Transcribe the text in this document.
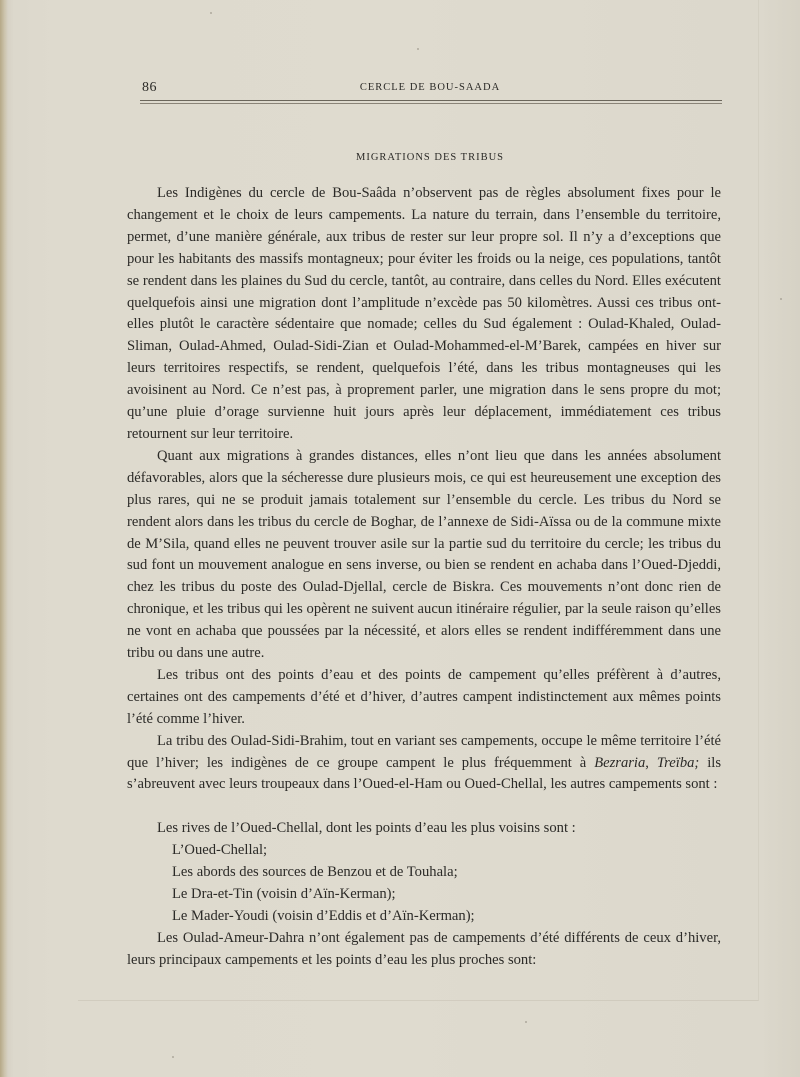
86	CERCLE DE BOU-SAADA
MIGRATIONS DES TRIBUS

Les Indigènes du cercle de Bou-Saâda n’observent pas de règles absolument fixes pour le changement et le choix de leurs campements. La nature du terrain, dans l’ensemble du territoire, permet, d’une manière générale, aux tribus de rester sur leur propre sol. Il n’y a d’exceptions que pour les habitants des massifs montagneux; pour éviter les froids ou la neige, ces populations, tantôt se rendent dans les plaines du Sud du cercle, tantôt, au contraire, dans celles du Nord. Elles exécutent quelquefois ainsi une migration dont l’amplitude n’excède pas 50 kilomètres. Aussi ces tribus ont-elles plutôt le caractère sédentaire que nomade; celles du Sud également : Oulad-Khaled, Oulad-Sliman, Oulad-Ahmed, Oulad-Sidi-Zian et Oulad-Mohammed-el-M’Barek, campées en hiver sur leurs territoires respectifs, se rendent, quelquefois l’été, dans les tribus montagneuses qui les avoisinent au Nord. Ce n’est pas, à proprement parler, une migration dans le sens propre du mot; qu’une pluie d’orage survienne huit jours après leur déplacement, immédiatement ces tribus retournent sur leur territoire.

Quant aux migrations à grandes distances, elles n’ont lieu que dans les années absolument défavorables, alors que la sécheresse dure plusieurs mois, ce qui est heureusement une exception des plus rares, qui ne se produit jamais totalement sur l’ensemble du cercle. Les tribus du Nord se rendent alors dans les tribus du cercle de Boghar, de l’annexe de Sidi-Aïssa ou de la commune mixte de M’Sila, quand elles ne peuvent trouver asile sur la partie sud du territoire du cercle; les tribus du sud font un mouvement analogue en sens inverse, ou bien se rendent en achaba dans l’Oued-Djeddi, chez les tribus du poste des Oulad-Djellal, cercle de Biskra. Ces mouvements n’ont donc rien de chronique, et les tribus qui les opèrent ne suivent aucun itinéraire régulier, par la seule raison qu’elles ne vont en achaba que poussées par la nécessité, et alors elles se rendent indifféremment dans une tribu ou dans une autre.

Les tribus ont des points d’eau et des points de campement qu’elles préfèrent à d’autres, certaines ont des campements d’été et d’hiver, d’autres campent indistinctement aux mêmes points l’été comme l’hiver.

La tribu des Oulad-Sidi-Brahim, tout en variant ses campements, occupe le même territoire l’été que l’hiver; les indigènes de ce groupe campent le plus fréquemment à Bezraria, Treïba; ils s’abreuvent avec leurs troupeaux dans l’Oued-el-Ham ou Oued-Chellal, les autres campements sont :

Les rives de l’Oued-Chellal, dont les points d’eau les plus voisins sont :

L’Oued-Chellal;

Les abords des sources de Benzou et de Touhala;

Le Dra-et-Tin (voisin d’Aïn-Kerman);

Le Mader-Youdi (voisin d’Eddis et d’Aïn-Kerman);

Les Oulad-Ameur-Dahra n’ont également pas de campements d’été différents de ceux d’hiver, leurs principaux campements et les points d’eau les plus proches sont:
